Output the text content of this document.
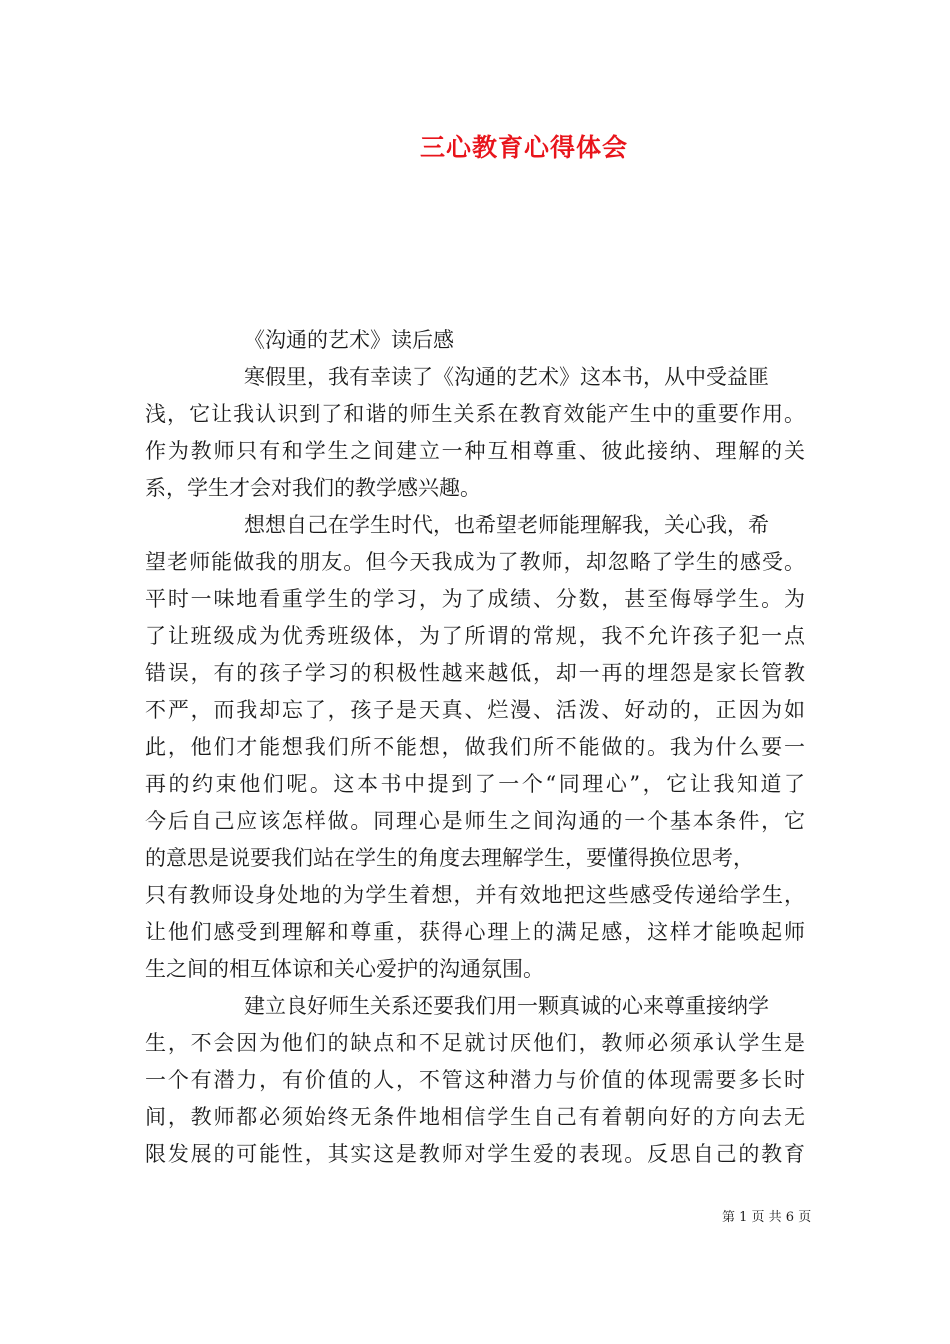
三心教育心得体会
《沟通的艺术》读后感
寒假里，我有幸读了《沟通的艺术》这本书，从中受益匪
浅，它让我认识到了和谐的师生关系在教育效能产生中的重要作用。
作为教师只有和学生之间建立一种互相尊重、彼此接纳、理解的关
系，学生才会对我们的教学感兴趣。
想想自己在学生时代，也希望老师能理解我，关心我，希
望老师能做我的朋友。但今天我成为了教师，却忽略了学生的感受。
平时一味地看重学生的学习，为了成绩、分数，甚至侮辱学生。为
了让班级成为优秀班级体，为了所谓的常规，我不允许孩子犯一点
错误，有的孩子学习的积极性越来越低，却一再的埋怨是家长管教
不严，而我却忘了，孩子是天真、烂漫、活泼、好动的，正因为如
此，他们才能想我们所不能想，做我们所不能做的。我为什么要一
再的约束他们呢。这本书中提到了一个“同理心”，它让我知道了
今后自己应该怎样做。同理心是师生之间沟通的一个基本条件，它
的意思是说要我们站在学生的角度去理解学生，要懂得换位思考，
只有教师设身处地的为学生着想，并有效地把这些感受传递给学生，
让他们感受到理解和尊重，获得心理上的满足感，这样才能唤起师
生之间的相互体谅和关心爱护的沟通氛围。
建立良好师生关系还要我们用一颗真诚的心来尊重接纳学
生，不会因为他们的缺点和不足就讨厌他们，教师必须承认学生是
一个有潜力，有价值的人，不管这种潜力与价值的体现需要多长时
间，教师都必须始终无条件地相信学生自己有着朝向好的方向去无
限发展的可能性，其实这是教师对学生爱的表现。反思自己的教育
第 1 页 共 6 页
